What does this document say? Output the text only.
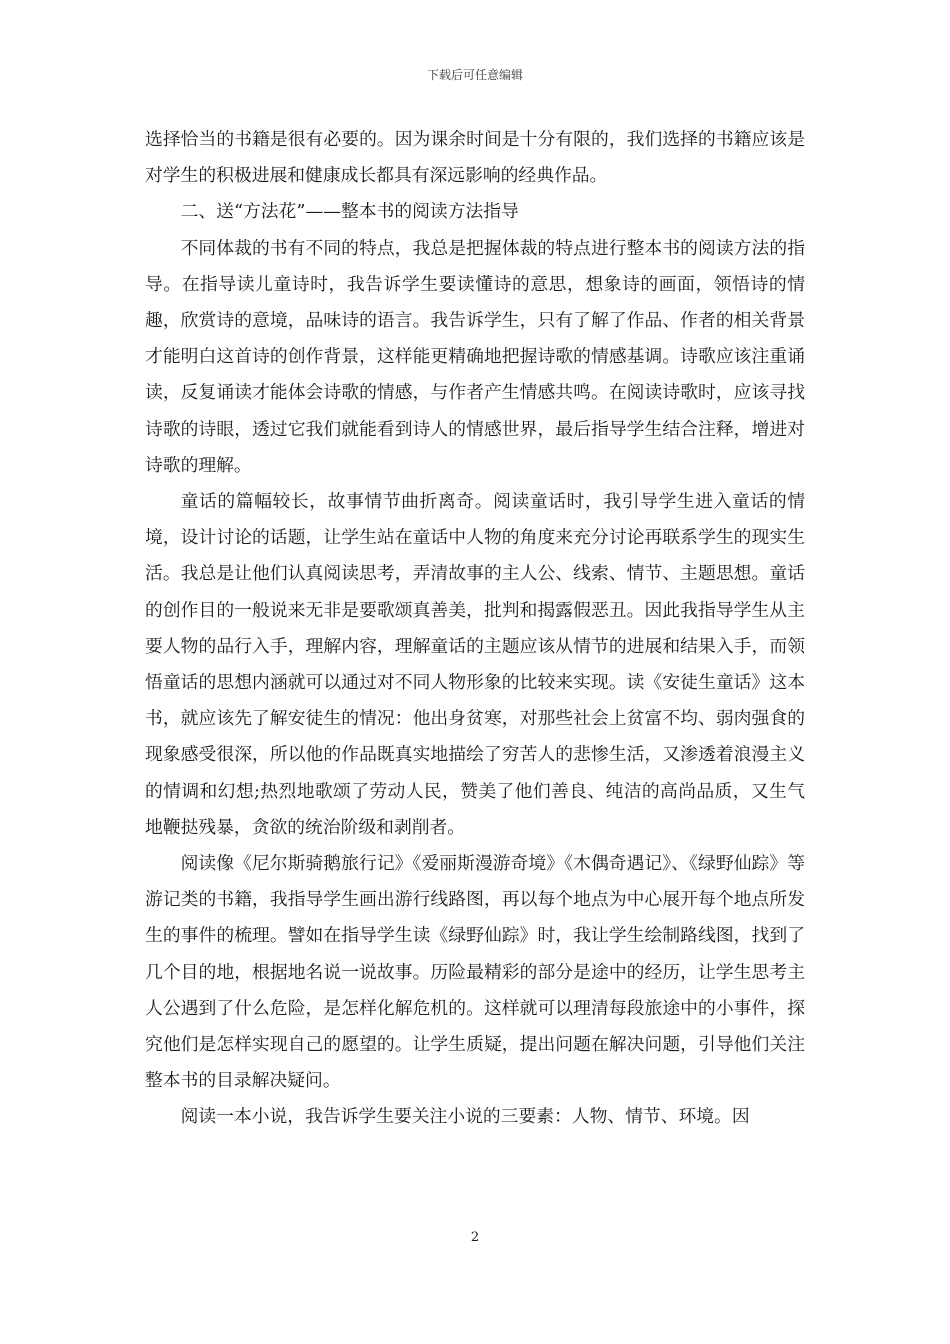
下载后可任意编辑

选择恰当的书籍是很有必要的。因为课余时间是十分有限的，我们选择的书籍应该是对学生的积极进展和健康成长都具有深远影响的经典作品。

二、送“方法花”——整本书的阅读方法指导

不同体裁的书有不同的特点，我总是把握体裁的特点进行整本书的阅读方法的指导。在指导读儿童诗时，我告诉学生要读懂诗的意思，想象诗的画面，领悟诗的情趣，欣赏诗的意境，品味诗的语言。我告诉学生，只有了解了作品、作者的相关背景才能明白这首诗的创作背景，这样能更精确地把握诗歌的情感基调。诗歌应该注重诵读，反复诵读才能体会诗歌的情感，与作者产生情感共鸣。在阅读诗歌时，应该寻找诗歌的诗眼，透过它我们就能看到诗人的情感世界，最后指导学生结合注释，增进对诗歌的理解。

童话的篇幅较长，故事情节曲折离奇。阅读童话时，我引导学生进入童话的情境，设计讨论的话题，让学生站在童话中人物的角度来充分讨论再联系学生的现实生活。我总是让他们认真阅读思考，弄清故事的主人公、线索、情节、主题思想。童话的创作目的一般说来无非是要歌颂真善美，批判和揭露假恶丑。因此我指导学生从主要人物的品行入手，理解内容，理解童话的主题应该从情节的进展和结果入手，而领悟童话的思想内涵就可以通过对不同人物形象的比较来实现。读《安徒生童话》这本书，就应该先了解安徒生的情况：他出身贫寒，对那些社会上贫富不均、弱肉强食的现象感受很深，所以他的作品既真实地描绘了穷苦人的悲惨生活，又渗透着浪漫主义的情调和幻想;热烈地歌颂了劳动人民，赞美了他们善良、纯洁的高尚品质，又生气地鞭挞残暴，贪欲的统治阶级和剥削者。

阅读像《尼尔斯骑鹅旅行记》《爱丽斯漫游奇境》《木偶奇遇记》、《绿野仙踪》等游记类的书籍，我指导学生画出游行线路图，再以每个地点为中心展开每个地点所发生的事件的梳理。譬如在指导学生读《绿野仙踪》时，我让学生绘制路线图，找到了几个目的地，根据地名说一说故事。历险最精彩的部分是途中的经历，让学生思考主人公遇到了什么危险，是怎样化解危机的。这样就可以理清每段旅途中的小事件，探究他们是怎样实现自己的愿望的。让学生质疑，提出问题在解决问题，引导他们关注整本书的目录解决疑问。

阅读一本小说，我告诉学生要关注小说的三要素：人物、情节、环境。因

2
